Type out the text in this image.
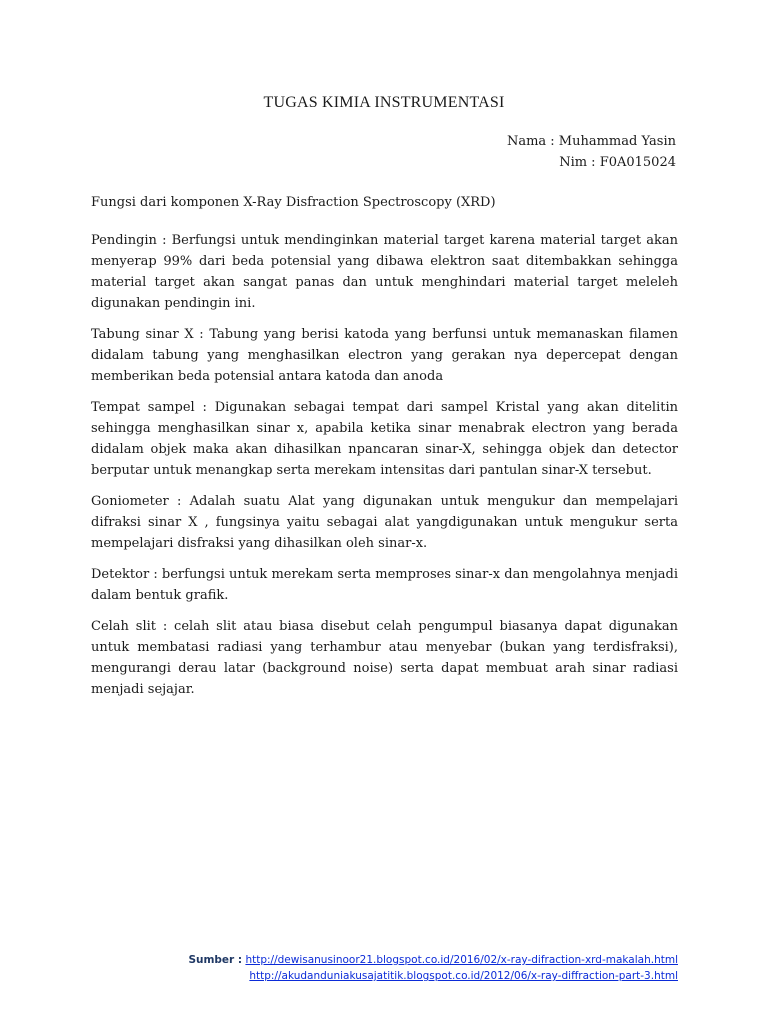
TUGAS KIMIA INSTRUMENTASI
Nama : Muhammad Yasin
Nim : F0A015024
Fungsi dari komponen X-Ray Disfraction Spectroscopy (XRD)

Pendingin : Berfungsi untuk mendinginkan material target karena material target akan menyerap 99% dari beda potensial yang dibawa elektron saat ditembakkan sehingga material target akan sangat panas dan untuk menghindari material target meleleh digunakan pendingin ini.

Tabung sinar X : Tabung yang berisi katoda yang berfunsi untuk memanaskan filamen didalam tabung yang menghasilkan electron yang gerakan nya depercepat dengan memberikan beda potensial antara katoda dan anoda

Tempat sampel : Digunakan sebagai tempat dari sampel Kristal yang akan ditelitin sehingga menghasilkan sinar x, apabila ketika sinar menabrak electron yang berada didalam objek maka akan dihasilkan npancaran sinar-X, sehingga objek dan detector berputar untuk menangkap serta merekam intensitas dari pantulan sinar-X tersebut.

Goniometer : Adalah suatu Alat yang digunakan untuk mengukur dan mempelajari difraksi sinar X , fungsinya yaitu sebagai alat yangdigunakan untuk mengukur serta mempelajari disfraksi yang dihasilkan oleh sinar-x.

Detektor : berfungsi untuk merekam serta memproses sinar-x dan mengolahnya menjadi dalam bentuk grafik.

Celah slit : celah slit atau biasa disebut celah pengumpul biasanya dapat digunakan untuk membatasi radiasi yang terhambur atau menyebar (bukan yang terdisfraksi), mengurangi derau latar (background noise) serta dapat membuat arah sinar radiasi menjadi sejajar.

Sumber : http://dewisanusinoor21.blogspot.co.id/2016/02/x-ray-difraction-xrd-makalah.html
http://akudanduniakusajatitik.blogspot.co.id/2012/06/x-ray-diffraction-part-3.html
